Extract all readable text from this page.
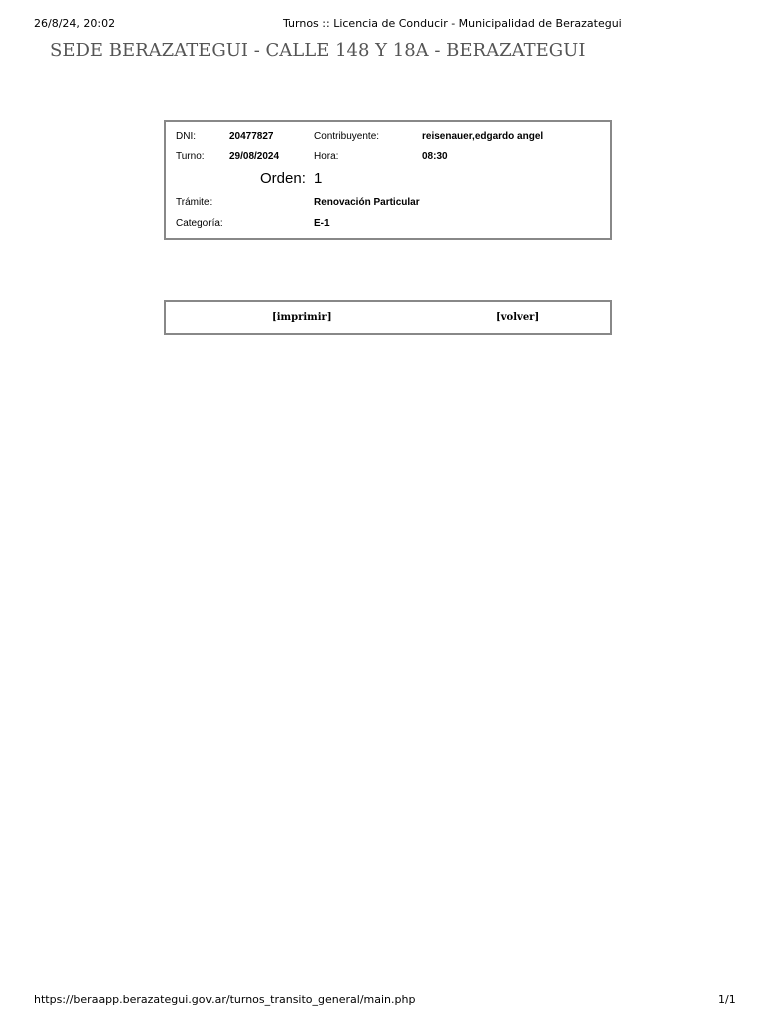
26/8/24, 20:02	Turnos :: Licencia de Conducir - Municipalidad de Berazategui
SEDE BERAZATEGUI - CALLE 148 Y 18A - BERAZATEGUI
DNI:	20477827	Contribuyente:	reisenauer,edgardo angel
Turno: 29/08/2024	Hora:	08:30
Orden: 1
Trámite:	Renovación Particular
Categoría:	E-1
[imprimir]	[volver]
https://beraapp.berazategui.gov.ar/turnos_transito_general/main.php	1/1
